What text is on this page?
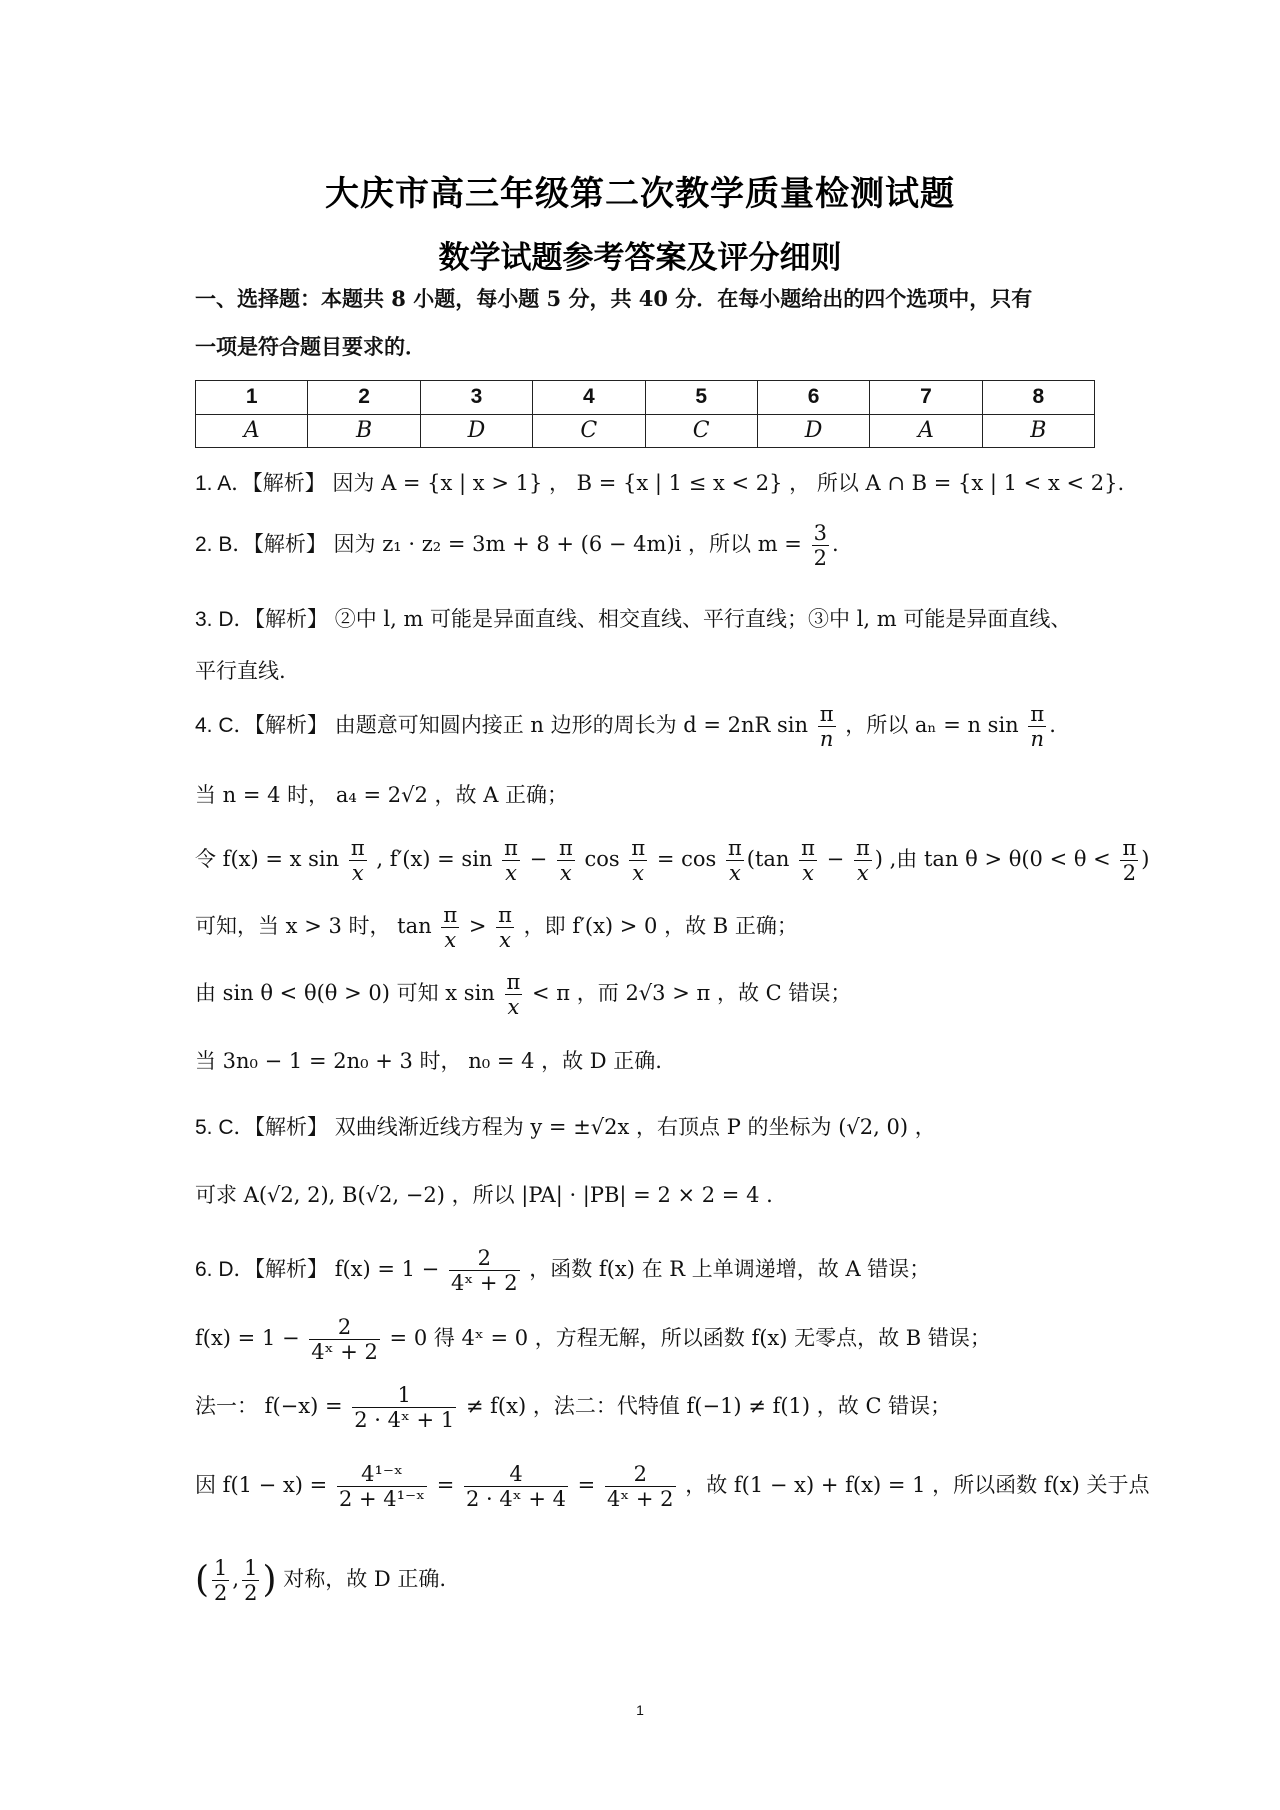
大庆市高三年级第二次教学质量检测试题
数学试题参考答案及评分细则
一、选择题：本题共 8 小题，每小题 5 分，共 40 分．在每小题给出的四个选项中，只有
一项是符合题目要求的．
1	2	3	4	5	6	7	8
A	B	D	C	C	D	A	B
1. A．【解析】 因为 A = {x | x > 1} ， B = {x | 1 ≤ x < 2} ， 所以 A ∩ B = {x | 1 < x < 2}.
2. B．【解析】 因为 z₁ · z₂ = 3m + 8 + (6 − 4m)i ，所以 $m = \frac{3}{2}$ .
3. D．【解析】 ②中 l, m 可能是异面直线、相交直线、平行直线；③中 l, m 可能是异面直线、
平行直线.
4. C．【解析】 由题意可知圆内接正 n 边形的周长为 d = 2nR $\sin \frac{\pi}{n}$ ，所以 aₙ = n $\sin \frac{\pi}{n}$ .
当 n = 4 时， a₄ = 2√2 ，故 A 正确；
令 f(x) = x $\sin \frac{\pi}{x}$ , $f'(x) = \sin \frac{\pi}{x} - \frac{\pi}{x}$ $\cos \frac{\pi}{x} = \cos \frac{\pi}{x} (\tan \frac{\pi}{x} - \frac{\pi}{x}$ ) ,由 $\tan \theta > \theta(0 < \theta < \frac{\pi}{2}$ )
可知，当 x > 3 时， $\tan \frac{\pi}{x} > \frac{\pi}{x}$ ，即 f′(x) > 0 ，故 B 正确；
由 sin θ < θ(θ > 0) 可知 x $\sin \frac{\pi}{x} < \pi$ ，而 2√3 > π ，故 C 错误；
当 3n₀ − 1 = 2n₀ + 3 时， n₀ = 4 ，故 D 正确.
5. C．【解析】 双曲线渐近线方程为 y = ±√2x ，右顶点 P 的坐标为 (√2, 0) ，
可求 A(√2, 2), B(√2, −2) ，所以 |PA| · |PB| = 2 × 2 = 4 .
6. D．【解析】 $f(x) = 1 - \frac{2}{\text{4ˣ + 2}}$ ，函数 f(x) 在 R 上单调递增，故 A 错误；
$f(x) = 1 - \frac{2}{\text{4ˣ + 2}} = 0$ 得 4ˣ = 0 ，方程无解，所以函数 f(x) 无零点，故 B 错误；
法一： $f(-x) = \frac{1}{\text{2 · 4ˣ + 1}} \ne f(x)$ ，法二：代特值 f(−1) ≠ f(1) ，故 C 错误；
因 $f(1 - x) = \frac{\text{4¹⁻ˣ}}{\text{2 + 4¹⁻ˣ}} = \frac{4}{\text{2 · 4ˣ + 4}} = \frac{2}{\text{4ˣ + 2}}$ ，故 f(1 − x) + f(x) = 1 ，所以函数 f(x) 关于点
( $\frac{1}{2}$ , $\frac{1}{2}$ ) 对称，故 D 正确.
1
